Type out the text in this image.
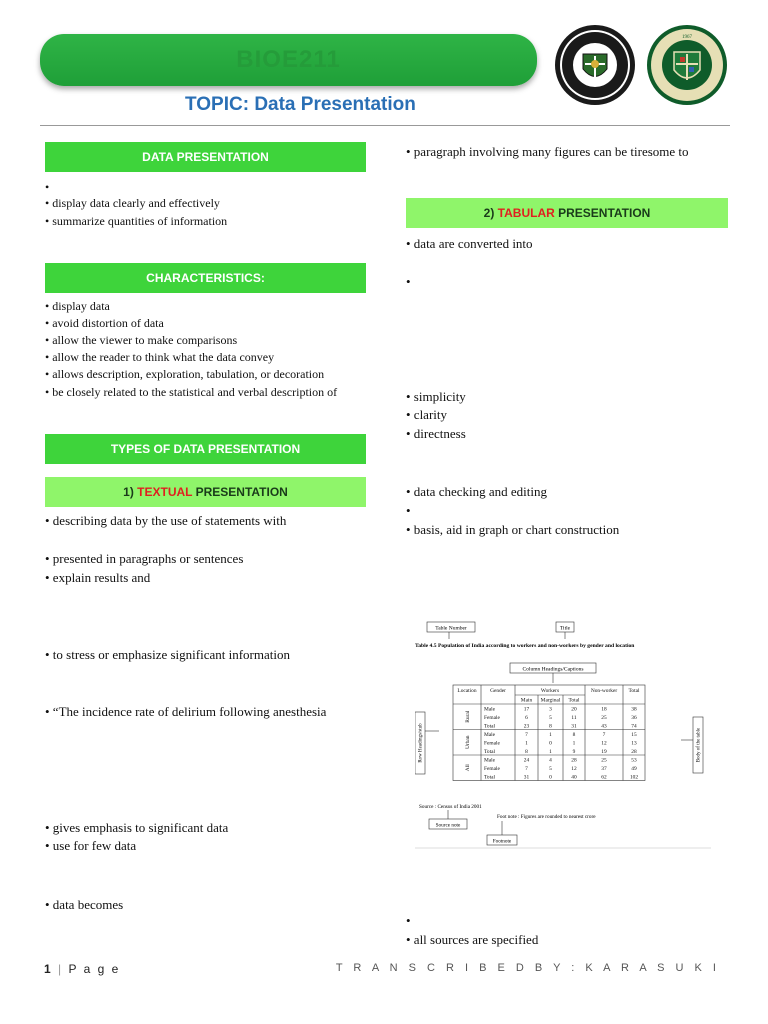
BIOE211
TOPIC: Data Presentation
1967
DATA PRESENTATION
•
• display data clearly and effectively
• summarize quantities of information
CHARACTERISTICS:
• display data
• avoid distortion of data
• allow the viewer to make comparisons
• allow the reader to think what the data convey
• allows description, exploration, tabulation, or decoration
• be closely related to the statistical and verbal description of
TYPES OF DATA PRESENTATION
1) TEXTUAL PRESENTATION
• describing data by the use of statements with
• presented in paragraphs or sentences
• explain results and
• to stress or emphasize significant information
• “The incidence rate of delirium following anesthesia
• gives emphasis to significant data
• use for few data
• data becomes
• paragraph involving many figures can be tiresome to
2) TABULAR PRESENTATION
• data are converted into
•
• simplicity
• clarity
• directness
• data checking and editing
•
• basis, aid in graph or chart construction
•
• all sources are specified
Table Number	Title
Table 4.5 Population of India according to workers and non-workers by gender and location
Column Headings/Captions
Location Gender	Workers	Non-worker Total
Main Marginal Total
Rural
Male	17	3	20	18	38
Female	6	5	11	25	36
Total	23	8	31	43	74
Urban
Male	7	1	8	7	15
Female	1	0	1	12	13
Total	8	1	9	19	28
All
Male	24	4	28	25	53
Female	7	5	12	37	49
Total	31	0	40	62	102
Row Headings/stub	Body of the table
Source : Census of India 2001
Foot note : Figures are rounded to nearest crore
Source note
Footnote
1 | P a g e	T R A N S C R I B E D B Y : K A R A S U K I
